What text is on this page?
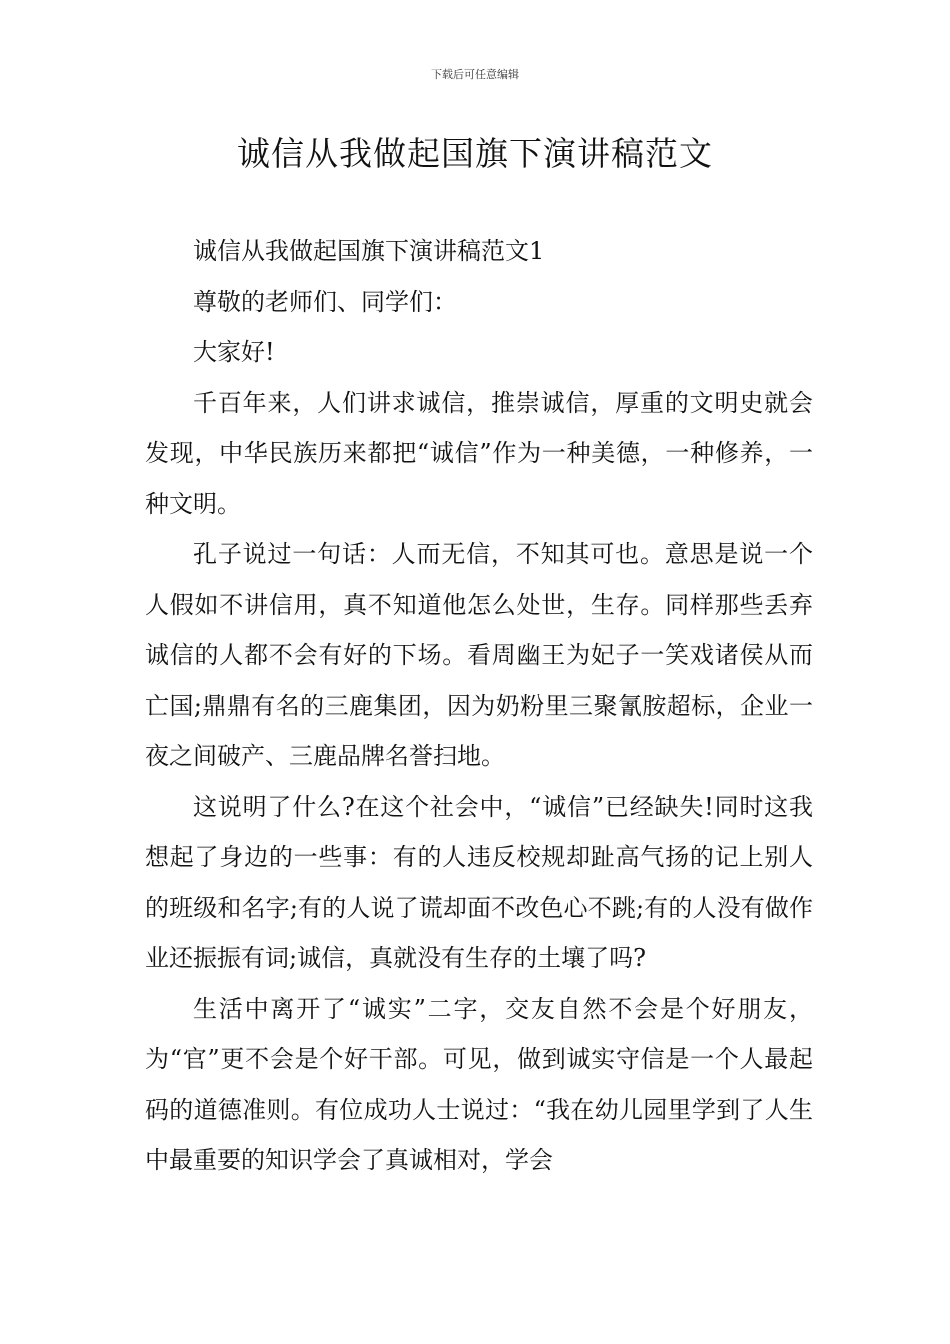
下载后可任意编辑
诚信从我做起国旗下演讲稿范文

诚信从我做起国旗下演讲稿范文1

尊敬的老师们、同学们：

大家好!

千百年来，人们讲求诚信，推崇诚信，厚重的文明史就会发现，中华民族历来都把“诚信”作为一种美德，一种修养，一种文明。

孔子说过一句话：人而无信，不知其可也。意思是说一个人假如不讲信用，真不知道他怎么处世，生存。同样那些丢弃诚信的人都不会有好的下场。看周幽王为妃子一笑戏诸侯从而亡国;鼎鼎有名的三鹿集团，因为奶粉里三聚氰胺超标，企业一夜之间破产、三鹿品牌名誉扫地。

这说明了什么?在这个社会中，“诚信”已经缺失!同时这我想起了身边的一些事：有的人违反校规却趾高气扬的记上别人的班级和名字;有的人说了谎却面不改色心不跳;有的人没有做作业还振振有词;诚信，真就没有生存的土壤了吗?

生活中离开了“诚实”二字，交友自然不会是个好朋友，为“官”更不会是个好干部。可见，做到诚实守信是一个人最起码的道德准则。有位成功人士说过：“我在幼儿园里学到了人生中最重要的知识学会了真诚相对，学会
